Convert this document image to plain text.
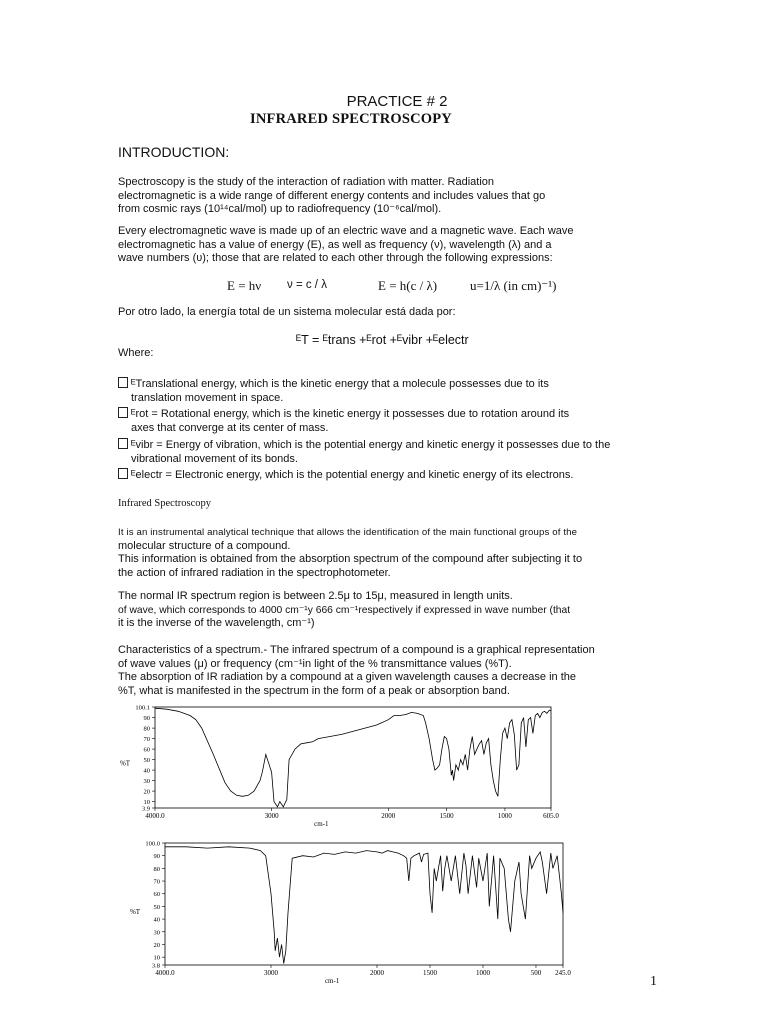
PRACTICE # 2
INFRARED SPECTROSCOPY
INTRODUCTION:
Spectroscopy is the study of the interaction of radiation with matter. Radiation
electromagnetic is a wide range of different energy contents and includes values that go
from cosmic rays (10¹⁴cal/mol) up to radiofrequency (10⁻⁶cal/mol).
Every electromagnetic wave is made up of an electric wave and a magnetic wave. Each wave
electromagnetic has a value of energy (E), as well as frequency (ν), wavelength (λ) and a
wave numbers (υ); those that are related to each other through the following expressions:
E = hν ν = c / λ	E = h(c / λ)	u=1/λ (in cm)⁻¹)
Por otro lado, la energía total de un sistema molecular está dada por:
ᴱT = ᴱtrans +ᴱrot +ᴱvibr +ᴱelectr
Where:
ᴱTranslational energy, which is the kinetic energy that a molecule possesses due to its
translation movement in space.
ᴱrot = Rotational energy, which is the kinetic energy it possesses due to rotation around its
axes that converge at its center of mass.
ᴱvibr = Energy of vibration, which is the potential energy and kinetic energy it possesses due to the
vibrational movement of its bonds.
ᴱelectr = Electronic energy, which is the potential energy and kinetic energy of its electrons.
Infrared Spectroscopy
It is an instrumental analytical technique that allows the identification of the main functional groups of the
molecular structure of a compound.
This information is obtained from the absorption spectrum of the compound after subjecting it to
the action of infrared radiation in the spectrophotometer.
The normal IR spectrum region is between 2.5μ to 15μ, measured in length units.
of wave, which corresponds to 4000 cm⁻¹y 666 cm⁻¹respectively if expressed in wave number (that
it is the inverse of the wavelength, cm⁻¹)
Characteristics of a spectrum.- The infrared spectrum of a compound is a graphical representation
of wave values (μ) or frequency (cm⁻¹in light of the % transmittance values (%T).
The absorption of IR radiation by a compound at a given wavelength causes a decrease in the
%T, what is manifested in the spectrum in the form of a peak or absorption band.
100.1
90
80
70
60
50
40
30
20
10
3.9
4000.0	3000	2000	1500	1000	605.0
%T
cm-1
100.0
90
80
70
60
50
40
30
20
10
3.8
4000.0	3000	2000	1500	1000	500 245.0
%T
cm-1	1
